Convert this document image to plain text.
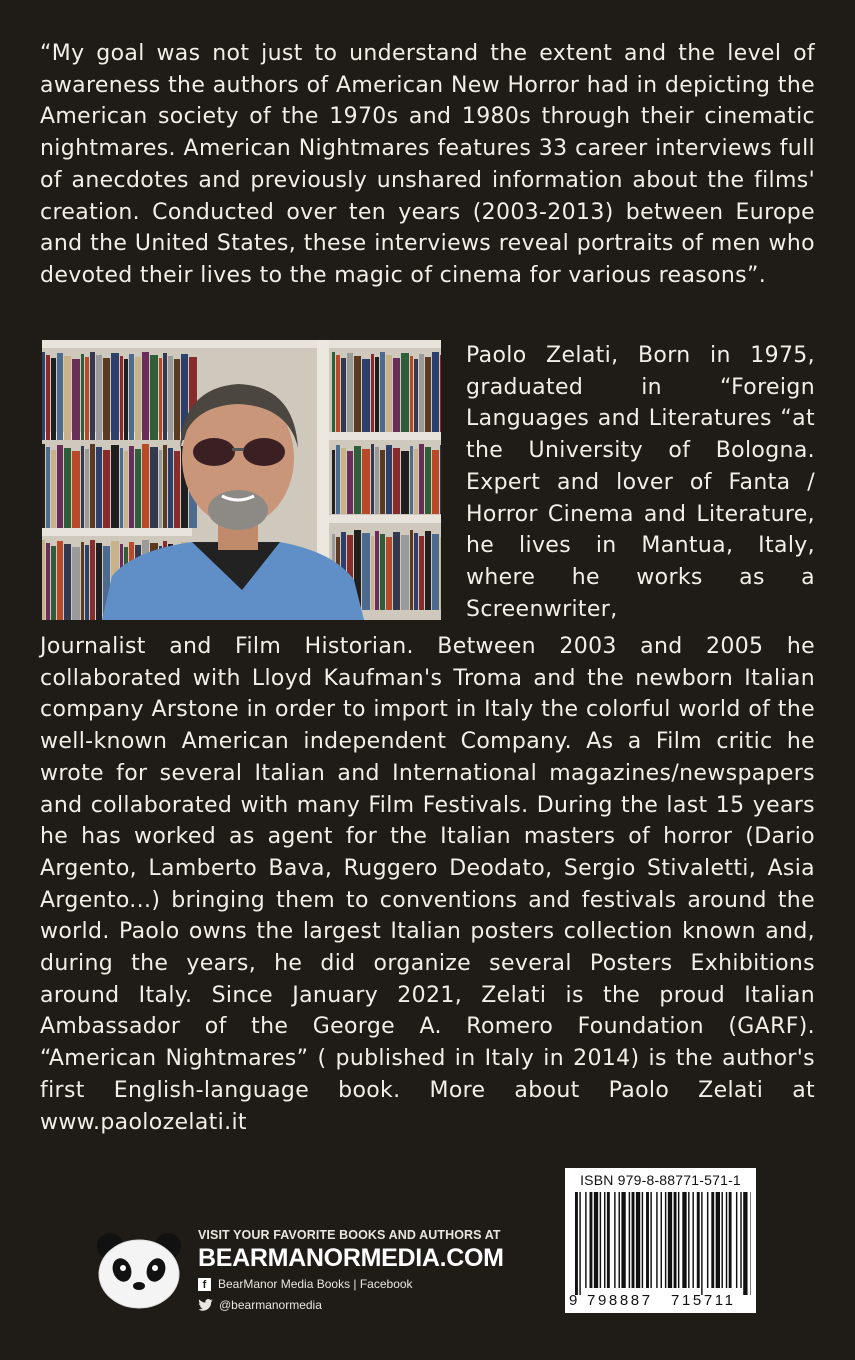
“My goal was not just to understand the extent and the level of awareness the authors of American New Horror had in depicting the American society of the 1970s and 1980s through their cinematic nightmares. American Nightmares features 33 career interviews full of anecdotes and previously unshared information about the films' creation. Conducted over ten years (2003-2013) between Europe and the United States, these interviews reveal portraits of men who devoted their lives to the magic of cinema for various reasons”.

Paolo Zelati, Born in 1975, graduated in “Foreign Languages and Literatures “at the University of Bologna. Expert and lover of Fanta / Horror Cinema and Literature, he lives in Mantua, Italy, where he works as a Screenwriter,

Journalist and Film Historian. Between 2003 and 2005 he collaborated with Lloyd Kaufman's Troma and the newborn Italian company Arstone in order to import in Italy the colorful world of the well-known American independent Company. As a Film critic he wrote for several Italian and International magazines/newspapers and collaborated with many Film Festivals. During the last 15 years he has worked as agent for the Italian masters of horror (Dario Argento, Lamberto Bava, Ruggero Deodato, Sergio Stivaletti, Asia Argento...) bringing them to conventions and festivals around the world. Paolo owns the largest Italian posters collection known and, during the years, he did organize several Posters Exhibitions around Italy. Since January 2021, Zelati is the proud Italian Ambassador of the George A. Romero Foundation (GARF). “American Nightmares” ( published in Italy in 2014) is the author's first English-language book. More about Paolo Zelati at www.paolozelati.it

VISIT YOUR FAVORITE BOOKS AND AUTHORS AT
BEARMANORMEDIA.COM
f BearManor Media Books | Facebook
@bearmanormedia
ISBN 979-8-88771-571-1
9 798887 715711
